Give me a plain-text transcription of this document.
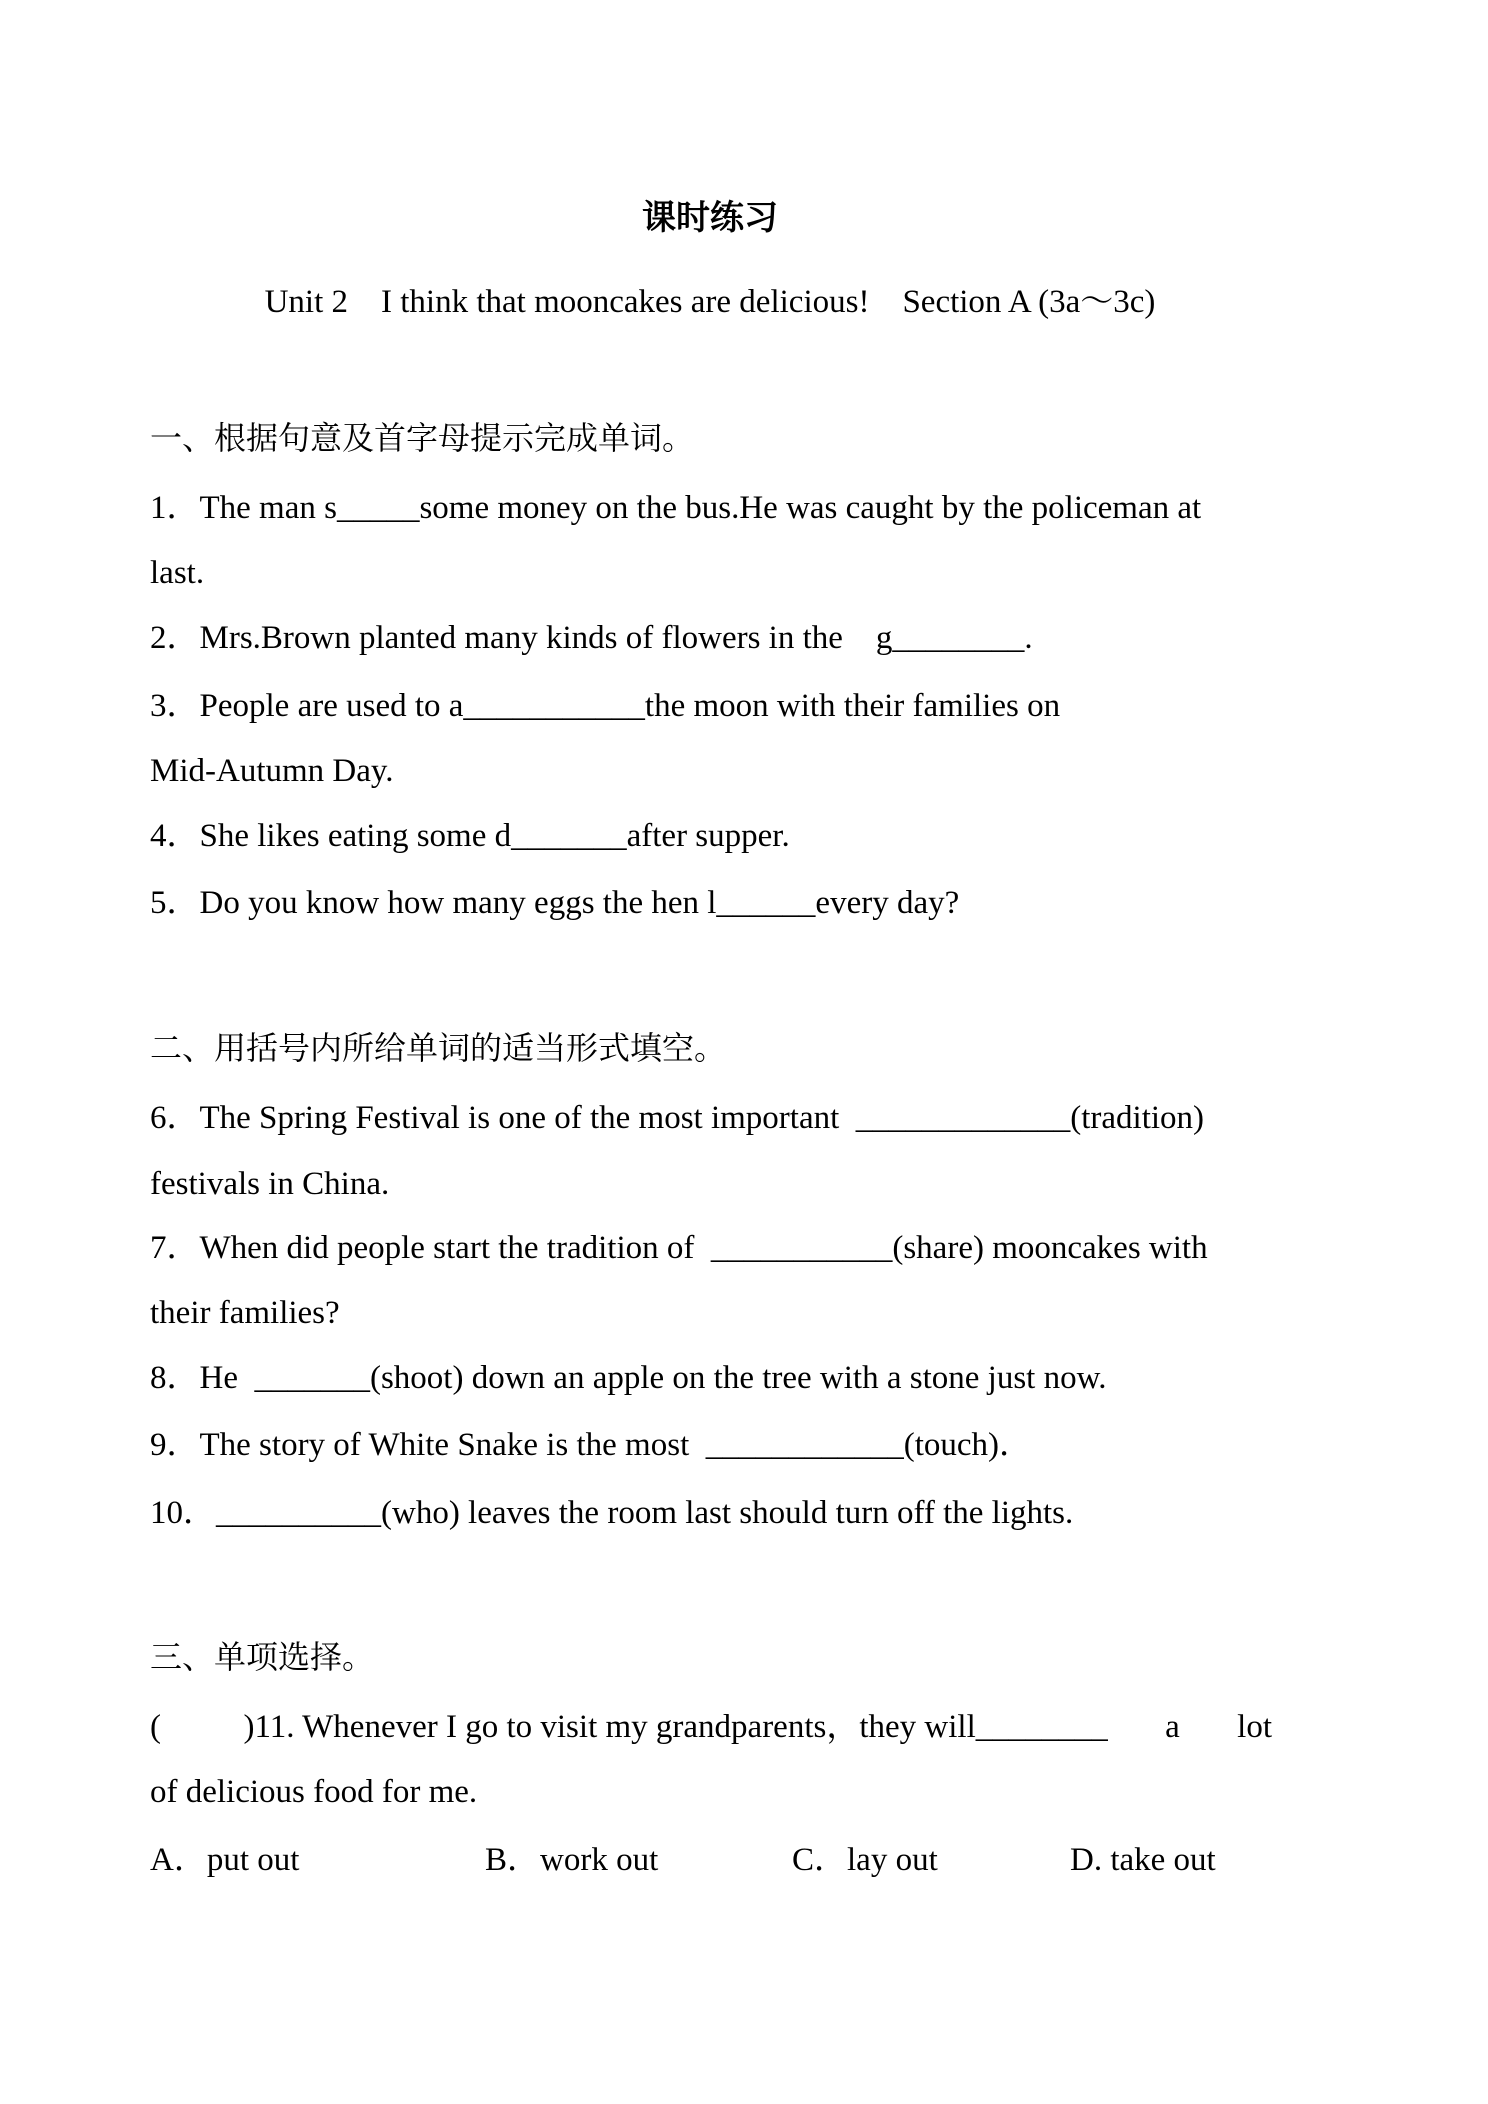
课时练习
Unit 2    I think that mooncakes are delicious!    Section A (3a～3c)
一、根据句意及首字母提示完成单词。
1．The man s_____some money on the bus.He was caught by the policeman at
last.
2．Mrs.Brown planted many kinds of flowers in the    g________.
3．People are used to a___________the moon with their families on
Mid-Autumn Day.
4．She likes eating some d_______after supper.
5．Do you know how many eggs the hen l______every day?
二、用括号内所给单词的适当形式填空。
6．The Spring Festival is one of the most important  _____________(tradition)
festivals in China.
7．When did people start the tradition of  ___________(share) mooncakes with
their families?
8．He  _______(shoot) down an apple on the tree with a stone just now.
9．The story of White Snake is the most  ____________(touch)．
10．__________(who) leaves the room last should turn off the lights.
三、单项选择。
(          )11. Whenever I go to visit my grandparents，they will________ a lot
of delicious food for me.
A．put out	B．work out	C．lay out	D. take out
